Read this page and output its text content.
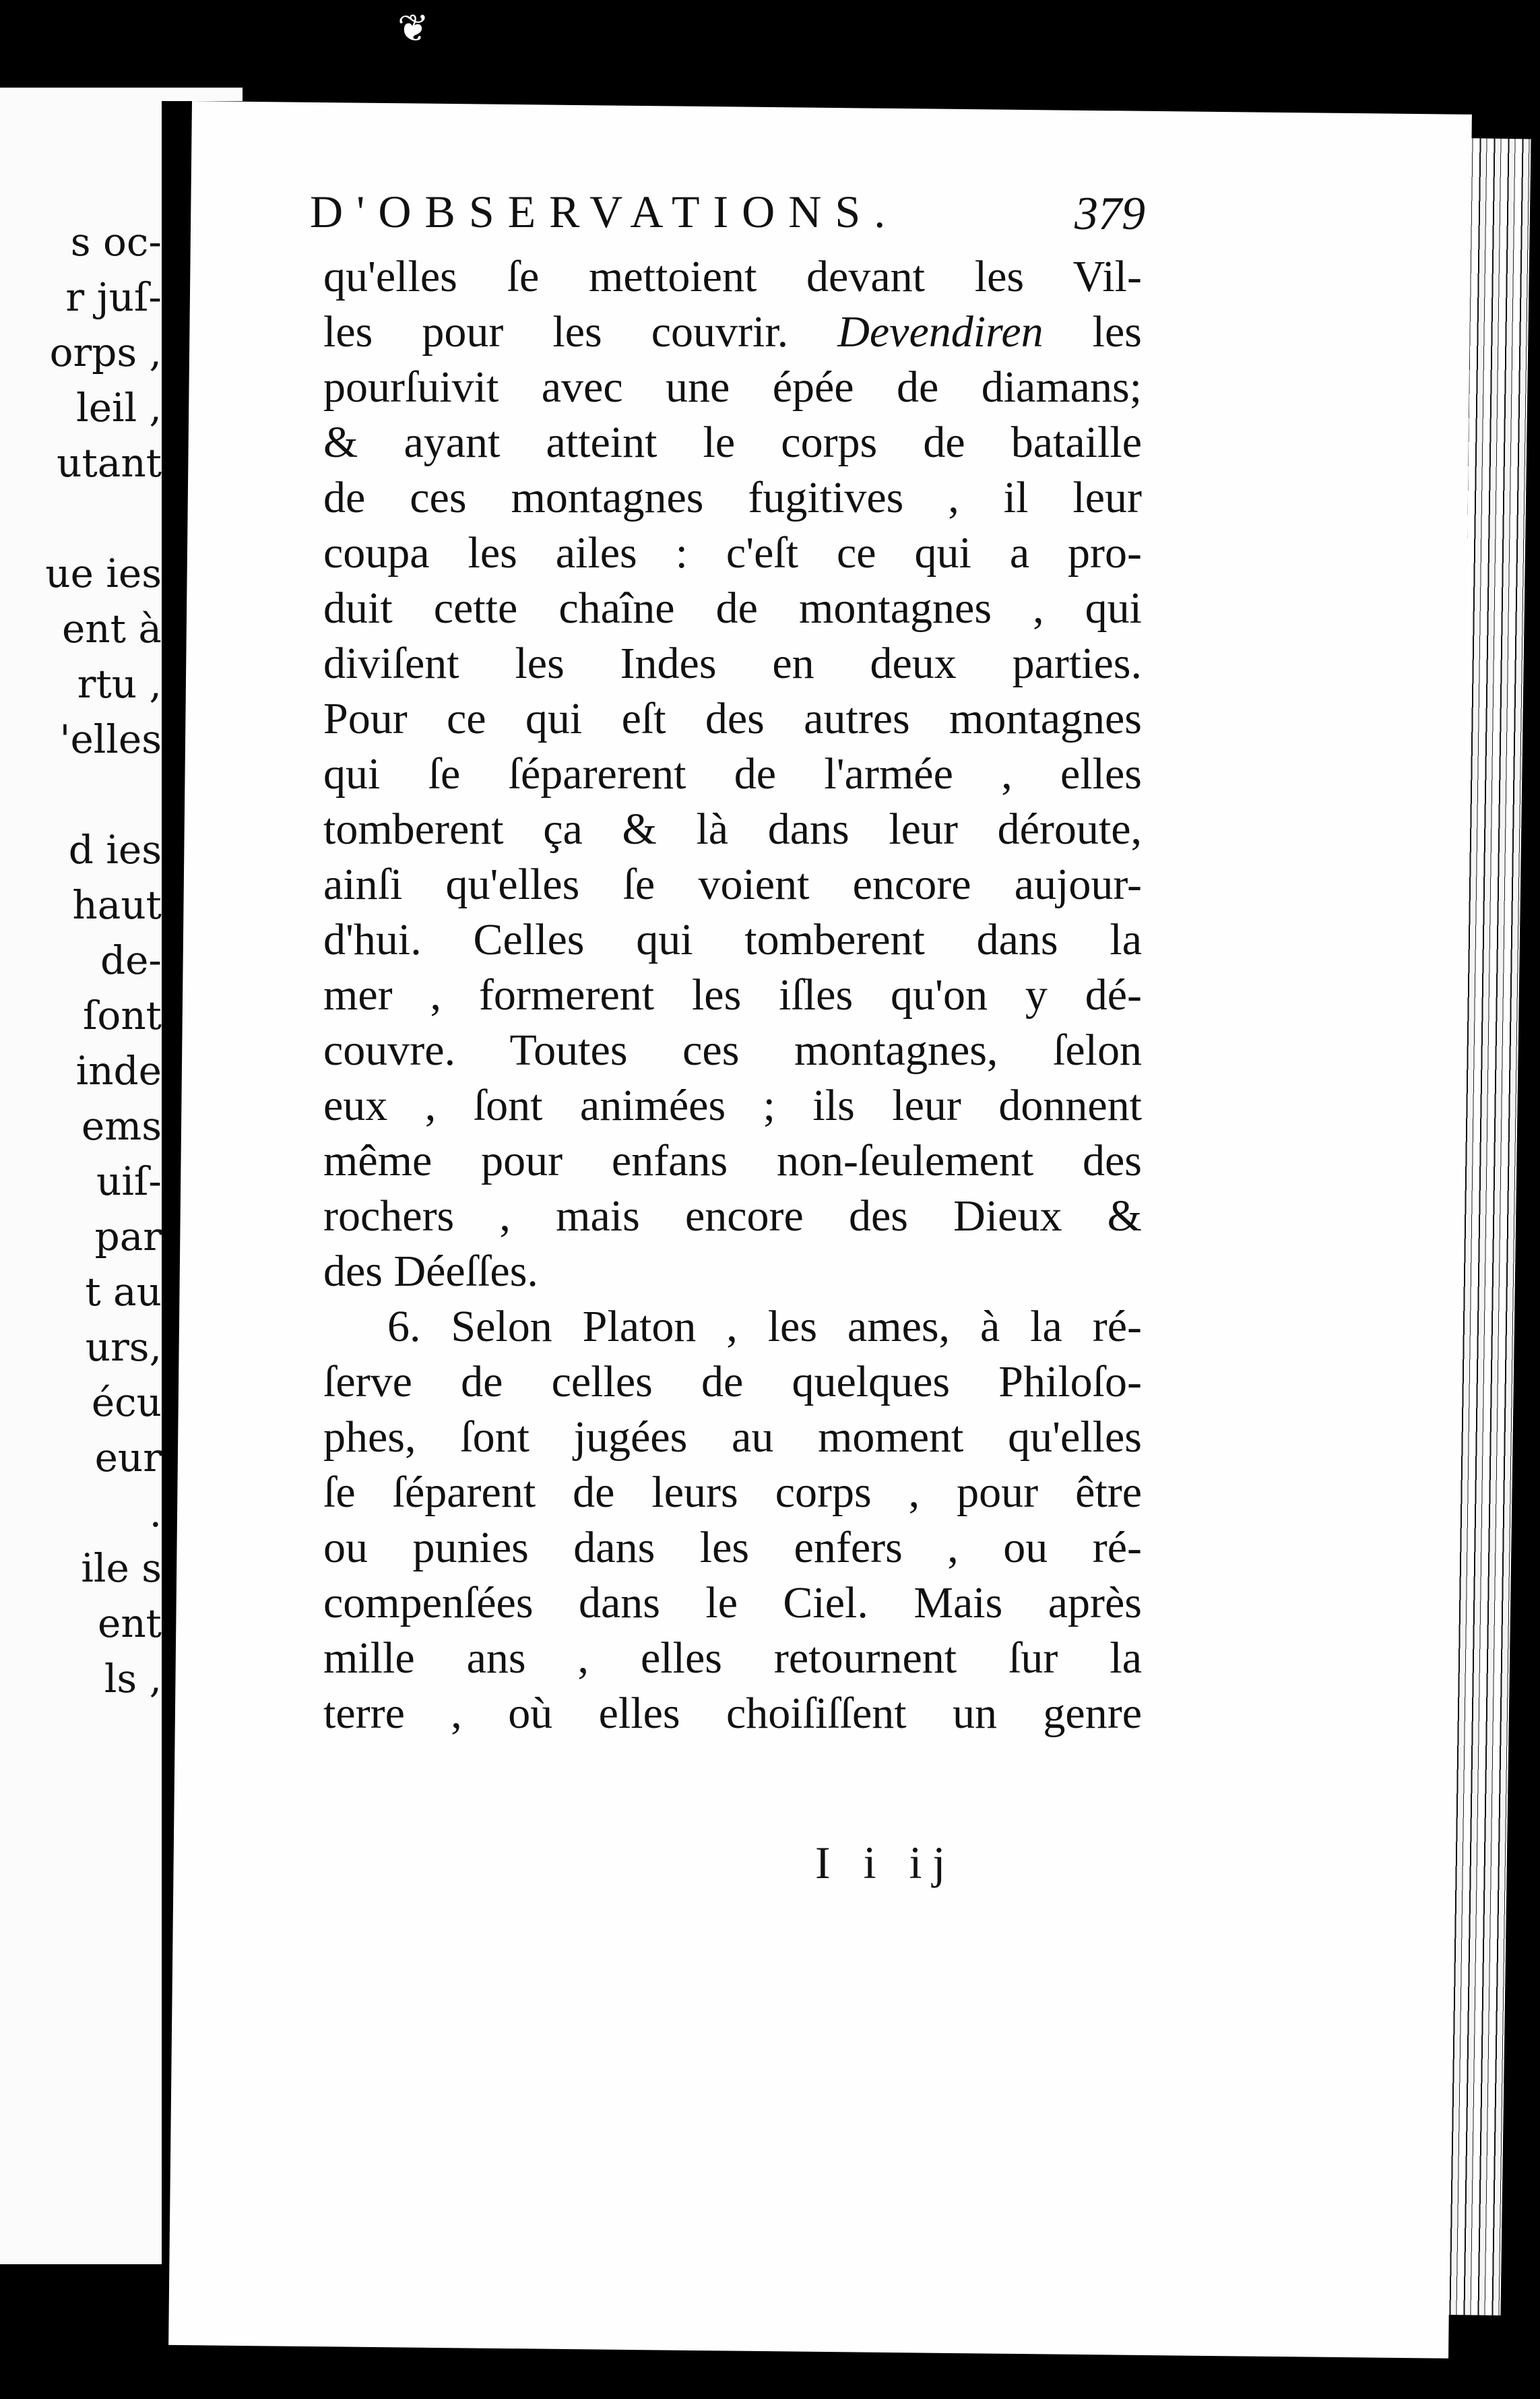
s oc-
r juſ-
orps ,
leil ,
utant
ue ies
ent à
rtu ,
'elles
d ies
haut
de-
ſont
inde
ems
uiſ-
par
t au
urs,
écu
eur
.
ile s
ent
ls ,
❦
D'OBSERVATIONS.	379
qu'elles ſe mettoient devant les Vil-
les pour les couvrir. Devendiren les
pourſuivit avec une épée de diamans;
& ayant atteint le corps de bataille
de ces montagnes fugitives , il leur
coupa les ailes : c'eſt ce qui a pro-
duit cette chaîne de montagnes , qui
diviſent les Indes en deux parties.
Pour ce qui eſt des autres montagnes
qui ſe ſéparerent de l'armée , elles
tomberent ça & là dans leur déroute,
ainſi qu'elles ſe voient encore aujour-
d'hui. Celles qui tomberent dans la
mer , formerent les iſles qu'on y dé-
couvre. Toutes ces montagnes, ſelon
eux , ſont animées ; ils leur donnent
même pour enfans non-ſeulement des
rochers , mais encore des Dieux &
des Déeſſes.
6. Selon Platon , les ames, à la ré-
ſerve de celles de quelques Philoſo-
phes, ſont jugées au moment qu'elles
ſe ſéparent de leurs corps , pour être
ou punies dans les enfers , ou ré-
compenſées dans le Ciel. Mais après
mille ans , elles retournent ſur la
terre , où elles choiſiſſent un genre
I i ij
